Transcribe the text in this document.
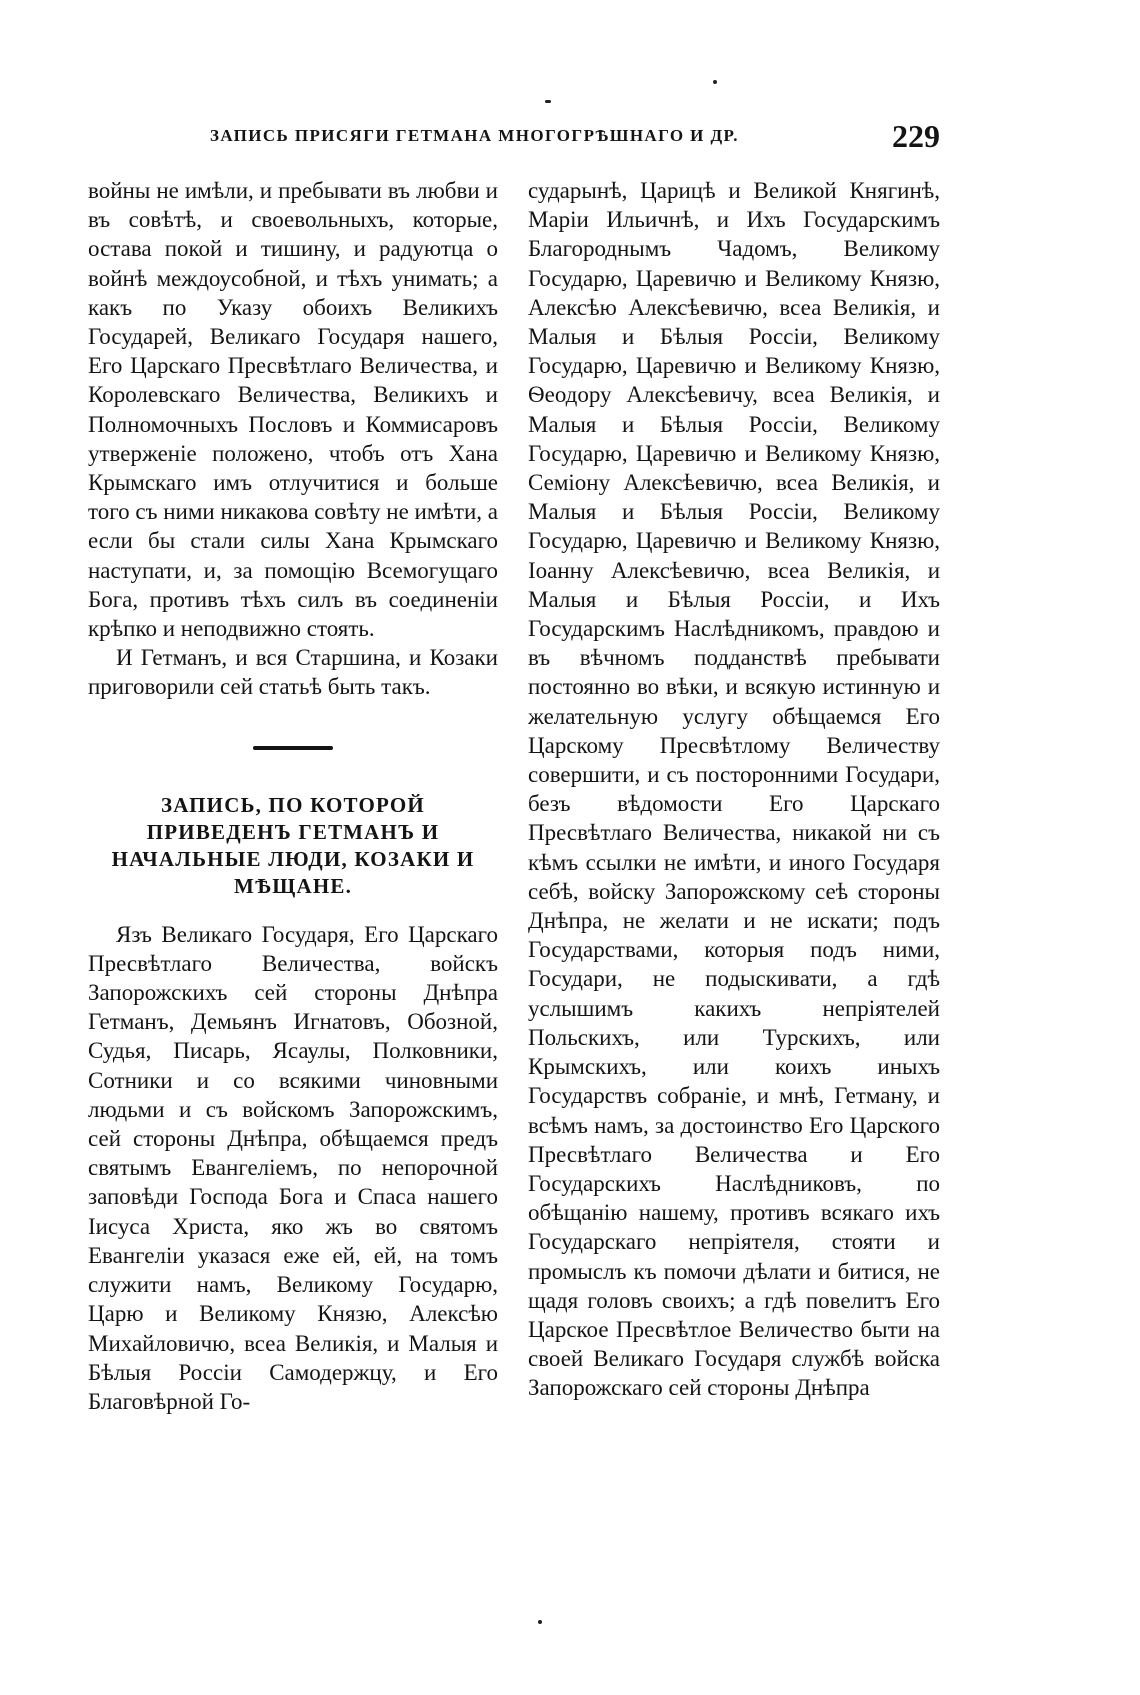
ЗАПИСЬ ПРИСЯГИ ГЕТМАНА МНОГОГРѢШНАГО И ДР.	229

войны не имѣли, и пребывати въ любви и въ совѣтѣ, и своевольныхъ, которые, остава покой и тишину, и радуютца о войнѣ междоусобной, и тѣхъ унимать; а какъ по Указу обоихъ Великихъ Государей, Великаго Государя нашего, Его Царскаго Пресвѣтлаго Величества, и Королевскаго Величества, Великихъ и Полномочныхъ Пословъ и Коммисаровъ утверженіе положено, чтобъ отъ Хана Крымскаго имъ отлучитися и больше того съ ними никакова совѣту не имѣти, а если бы стали силы Хана Крымскаго наступати, и, за помощію Всемогущаго Бога, противъ тѣхъ силъ въ соединеніи крѣпко и неподвижно стоять.

И Гетманъ, и вся Старшина, и Козаки приговорили сей статьѣ быть такъ.

ЗАПИСЬ, ПО КОТОРОЙ ПРИВЕДЕНЪ ГЕТМАНЪ И НАЧАЛЬНЫЕ ЛЮДИ, КОЗАКИ И МѢЩАНЕ.

Язъ Великаго Государя, Его Царскаго Пресвѣтлаго Величества, войскъ Запорожскихъ сей стороны Днѣпра Гетманъ, Демьянъ Игнатовъ, Обозной, Судья, Писарь, Ясаулы, Полковники, Сотники и со всякими чиновными людьми и съ войскомъ Запорожскимъ, сей стороны Днѣпра, обѣщаемся предъ святымъ Евангеліемъ, по непорочной заповѣди Господа Бога и Спаса нашего Іисуса Христа, яко жъ во святомъ Евангеліи указася еже ей, ей, на томъ служити намъ, Великому Государю, Царю и Великому Князю, Алексѣю Михайловичю, всеа Великія, и Малыя и Бѣлыя Россіи Самодержцу, и Его Благовѣрной Го-

сударынѣ, Царицѣ и Великой Княгинѣ, Маріи Ильичнѣ, и Ихъ Государскимъ Благороднымъ Чадомъ, Великому Государю, Царевичю и Великому Князю, Алексѣю Алексѣевичю, всеа Великія, и Малыя и Бѣлыя Россіи, Великому Государю, Царевичю и Великому Князю, Ѳеодору Алексѣевичу, всеа Великія, и Малыя и Бѣлыя Россіи, Великому Государю, Царевичю и Великому Князю, Семіону Алексѣевичю, всеа Великія, и Малыя и Бѣлыя Россіи, Великому Государю, Царевичю и Великому Князю, Іоанну Алексѣевичю, всеа Великія, и Малыя и Бѣлыя Россіи, и Ихъ Государскимъ Наслѣдникомъ, правдою и въ вѣчномъ подданствѣ пребывати постоянно во вѣки, и всякую истинную и желательную услугу обѣщаемся Его Царскому Пресвѣтлому Величеству совершити, и съ посторонними Государи, безъ вѣдомости Его Царскаго Пресвѣтлаго Величества, никакой ни съ кѣмъ ссылки не имѣти, и иного Государя себѣ, войску Запорожскому сеѣ стороны Днѣпра, не желати и не искати; подъ Государствами, которыя подъ ними, Государи, не подыскивати, а гдѣ услышимъ какихъ непріятелей Польскихъ, или Турскихъ, или Крымскихъ, или коихъ иныхъ Государствъ собраніе, и мнѣ, Гетману, и всѣмъ намъ, за достоинство Его Царского Пресвѣтлаго Величества и Его Государскихъ Наслѣдниковъ, по обѣщанію нашему, противъ всякаго ихъ Государскаго непріятеля, стояти и промыслъ къ помочи дѣлати и битися, не щадя головъ своихъ; а гдѣ повелитъ Его Царское Пресвѣтлое Величество быти на своей Великаго Государя службѣ войска Запорожскаго сей стороны Днѣпра
